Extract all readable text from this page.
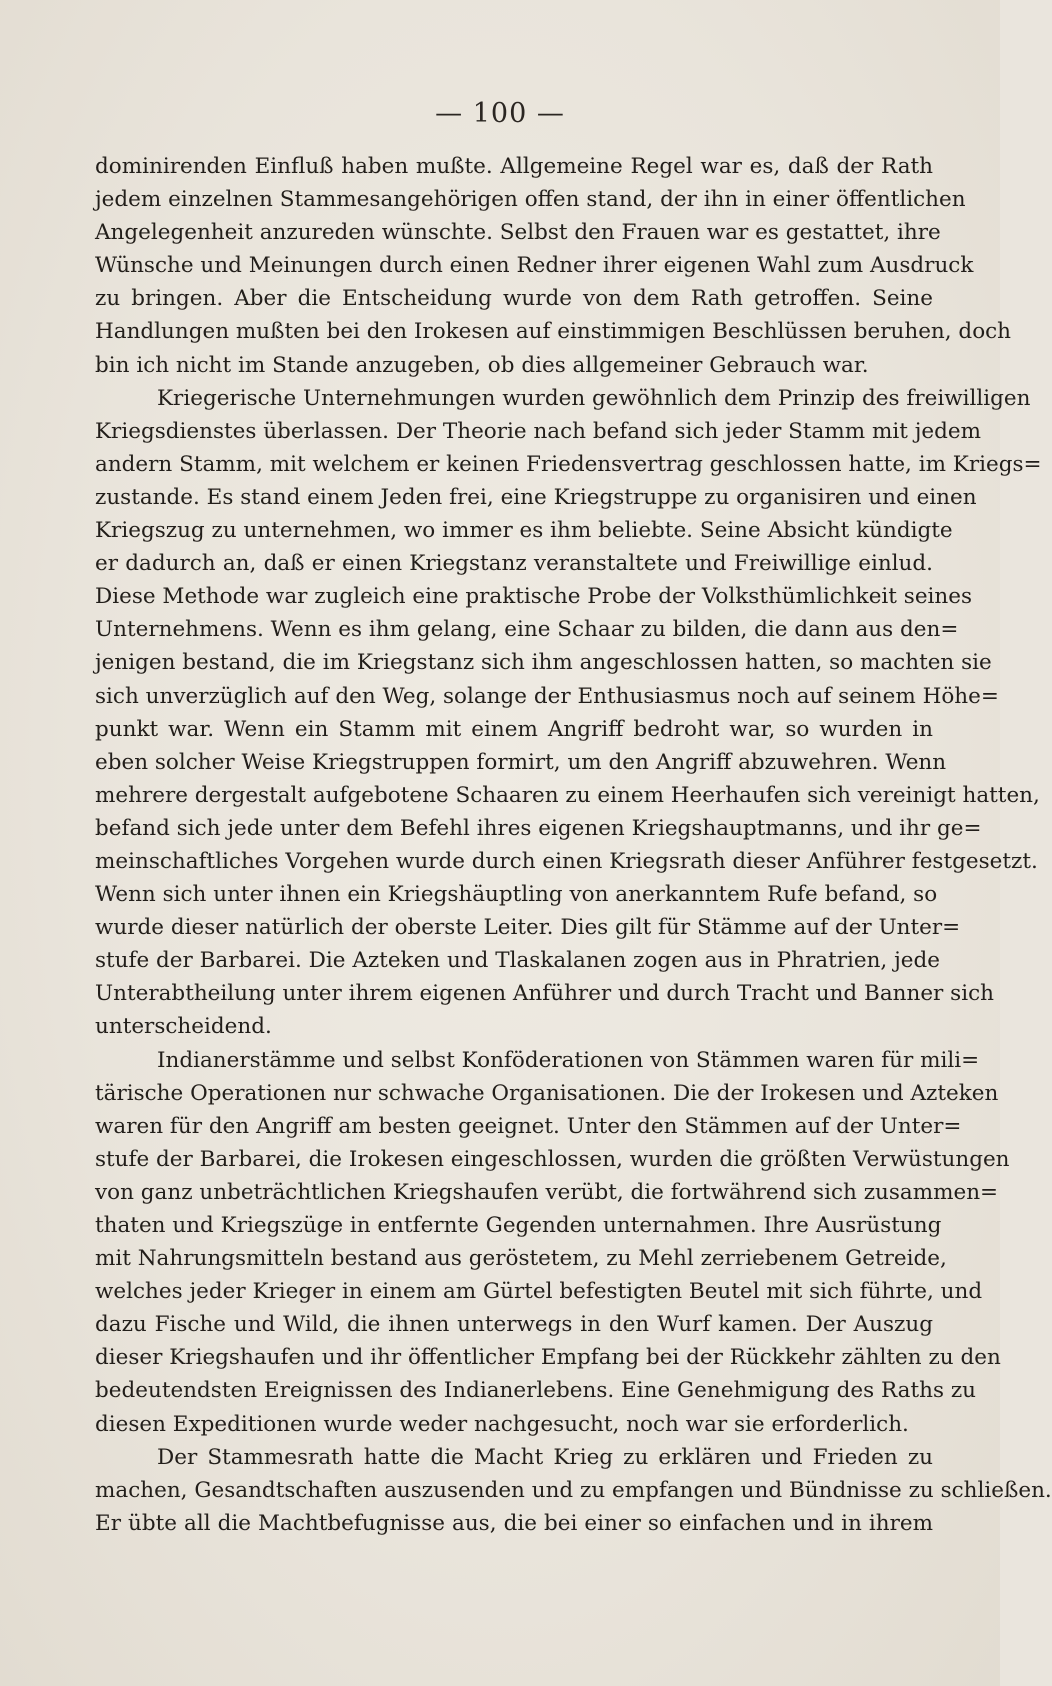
— 100 —
dominirenden Einfluß haben mußte. Allgemeine Regel war es, daß der Rath
jedem einzelnen Stammesangehörigen offen stand, der ihn in einer öffentlichen
Angelegenheit anzureden wünschte. Selbst den Frauen war es gestattet, ihre
Wünsche und Meinungen durch einen Redner ihrer eigenen Wahl zum Ausdruck
zu bringen. Aber die Entscheidung wurde von dem Rath getroffen. Seine
Handlungen mußten bei den Irokesen auf einstimmigen Beschlüssen beruhen, doch
bin ich nicht im Stande anzugeben, ob dies allgemeiner Gebrauch war.
Kriegerische Unternehmungen wurden gewöhnlich dem Prinzip des freiwilligen
Kriegsdienstes überlassen. Der Theorie nach befand sich jeder Stamm mit jedem
andern Stamm, mit welchem er keinen Friedensvertrag geschlossen hatte, im Kriegs=
zustande. Es stand einem Jeden frei, eine Kriegstruppe zu organisiren und einen
Kriegszug zu unternehmen, wo immer es ihm beliebte. Seine Absicht kündigte
er dadurch an, daß er einen Kriegstanz veranstaltete und Freiwillige einlud.
Diese Methode war zugleich eine praktische Probe der Volksthümlichkeit seines
Unternehmens. Wenn es ihm gelang, eine Schaar zu bilden, die dann aus den=
jenigen bestand, die im Kriegstanz sich ihm angeschlossen hatten, so machten sie
sich unverzüglich auf den Weg, solange der Enthusiasmus noch auf seinem Höhe=
punkt war. Wenn ein Stamm mit einem Angriff bedroht war, so wurden in
eben solcher Weise Kriegstruppen formirt, um den Angriff abzuwehren. Wenn
mehrere dergestalt aufgebotene Schaaren zu einem Heerhaufen sich vereinigt hatten,
befand sich jede unter dem Befehl ihres eigenen Kriegshauptmanns, und ihr ge=
meinschaftliches Vorgehen wurde durch einen Kriegsrath dieser Anführer festgesetzt.
Wenn sich unter ihnen ein Kriegshäuptling von anerkanntem Rufe befand, so
wurde dieser natürlich der oberste Leiter. Dies gilt für Stämme auf der Unter=
stufe der Barbarei. Die Azteken und Tlaskalanen zogen aus in Phratrien, jede
Unterabtheilung unter ihrem eigenen Anführer und durch Tracht und Banner sich
unterscheidend.
Indianerstämme und selbst Konföderationen von Stämmen waren für mili=
tärische Operationen nur schwache Organisationen. Die der Irokesen und Azteken
waren für den Angriff am besten geeignet. Unter den Stämmen auf der Unter=
stufe der Barbarei, die Irokesen eingeschlossen, wurden die größten Verwüstungen
von ganz unbeträchtlichen Kriegshaufen verübt, die fortwährend sich zusammen=
thaten und Kriegszüge in entfernte Gegenden unternahmen. Ihre Ausrüstung
mit Nahrungsmitteln bestand aus geröstetem, zu Mehl zerriebenem Getreide,
welches jeder Krieger in einem am Gürtel befestigten Beutel mit sich führte, und
dazu Fische und Wild, die ihnen unterwegs in den Wurf kamen. Der Auszug
dieser Kriegshaufen und ihr öffentlicher Empfang bei der Rückkehr zählten zu den
bedeutendsten Ereignissen des Indianerlebens. Eine Genehmigung des Raths zu
diesen Expeditionen wurde weder nachgesucht, noch war sie erforderlich.
Der Stammesrath hatte die Macht Krieg zu erklären und Frieden zu
machen, Gesandtschaften auszusenden und zu empfangen und Bündnisse zu schließen.
Er übte all die Machtbefugnisse aus, die bei einer so einfachen und in ihrem
